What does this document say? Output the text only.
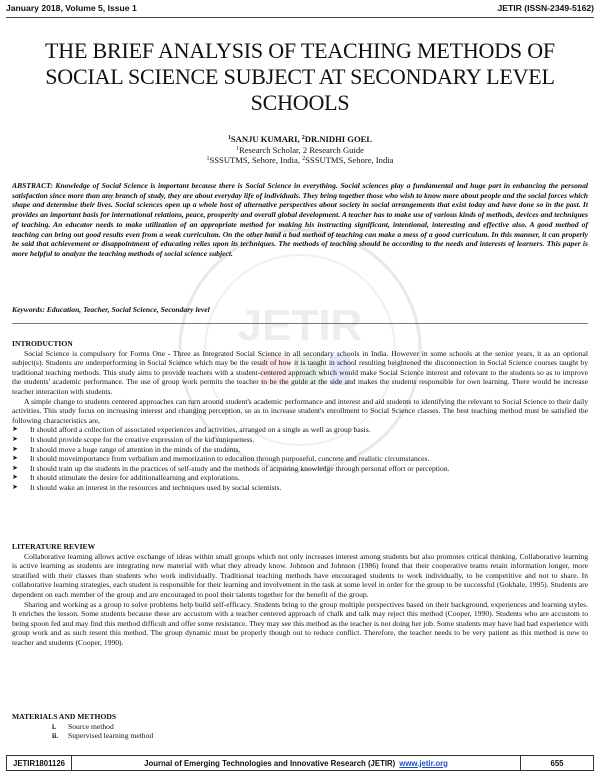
January 2018, Volume 5, Issue 1	JETIR (ISSN-2349-5162)
JETIR
THE BRIEF ANALYSIS OF TEACHING METHODS OF SOCIAL SCIENCE SUBJECT AT SECONDARY LEVEL SCHOOLS
$^1$SANJU KUMARI, $^2$DR.NIDHI GOEL
$^1$Research Scholar, 2 Research Guide
$^1$SSSUTMS, Sehore, India, $^2$SSSUTMS, Sehore, India
ABSTRACT: Knowledge of Social Science is important because there is Social Science in everything. Social sciences play a fundamental and huge part in enhancing the personal satisfaction since more than any branch of study, they are about everyday life of individuals. They bring together those who wish to know more about people and the social forces which shape and determine their lives. Social sciences open up a whole host of alternative perspectives about society in social arrangements that exist today and have done so in the past. It provides an important basis for international relations, peace, prosperity and overall global development. A teacher has to make use of various kinds of methods, devices and techniques of teaching. An educator needs to make utilization of an appropriate method for making his instructing significant, intentional, interesting and effective also. A good method of teaching can bring out good results even from a weak curriculum. On the other hand a bad method of teaching can make a mess of a good curriculum. In this manner, it can properly be said that achievement or disappointment of educating relies upon its techniques. The methods of teaching should be according to the needs and interests of learners. This paper is more helpful to analyze the teaching methods of social science subject.
Keywords: Education, Teacher, Social Science, Secondary level
INTRODUCTION

Social Science is compulsory for Forms One - Three as Integrated Social Science in all secondary schools in India. However in some schools at the senior years, it as an optional subject(s). Students are underperforming in Social Science which may be the result of how it is taught in school resulting heightened the disconnection in Social Science courses taught by traditional teaching methods. This study aims to provide teachers with a student-centered approach which would make Social Science interest and relevant to the students so as to improve the students' academic performance. The use of group work permits the teacher to be the guide at the side and makes the students responsible for own learning. There would be increase teacher interaction with students.

A simple change to students centered approaches can turn around student's academic performance and interest and aid students to identifying the relevant to Social Science to their daily activities. This study focus on increasing interest and changing perception, so as to increase student's enrollment to Social Science classes. The best teaching method must be satisfied the following characteristics are,

➤ It should afford a collection of associated experiences and activities, arranged on a single as well as group basis.
➤ It should provide scope for the creative expression of the kid'suniqueness.
➤ It should move a huge range of attention in the minds of the students.
➤ It should moveimportance from verbalism and memorization to education through purposeful, concrete and realistic circumstances.
➤ It should train up the students in the practices of self-study and the methods of acquiring knowledge through personal effort or perception.
➤ It should stimulate the desire for additionallearning and explorations.
➤ It should wake an interest in the resources and techniques used by social scientists.
LITERATURE REVIEW

Collaborative learning allows active exchange of ideas within small groups which not only increases interest among students but also promotes critical thinking. Collaborative learning is active learning as students are integrating new material with what they already know. Johnson and Johnson (1986) found that their cooperative teams retain information longer, more stratified with their classes than students who work individually. Traditional teaching methods have encouraged students to work individually, to be competitive and not to share. In collaborative learning strategies, each student is responsible for their learning and involvement in the task at some level in order for the group to be successful (Gokhale, 1995). Students are dependent on each member of the group and are encouraged to pool their talents together for the benefit of the group.

Sharing and working as a group to solve problems help build self-efficacy. Students bring to the group multiple perspectives based on their background, experiences and learning styles. It enriches the lesson. Some students because these are accustom with a teacher centered approach of chalk and talk may reject this method (Cooper, 1990). Students who are accustom to being spoon fed and may find this method difficult and offer some resistance. They may see this method as the teacher is not doing her job. Some students may have had bad experience with group work and as such resent this method. The group dynamic must be properly though out to reduce conflict. Therefore, the teacher needs to be very patient as this method is new to teacher and students (Cooper, 1990).

MATERIALS AND METHODS
i. Source method
ii. Supervised learning method
JETIR1801126	Journal of Emerging Technologies and Innovative Research (JETIR) www.jetir.org	655
